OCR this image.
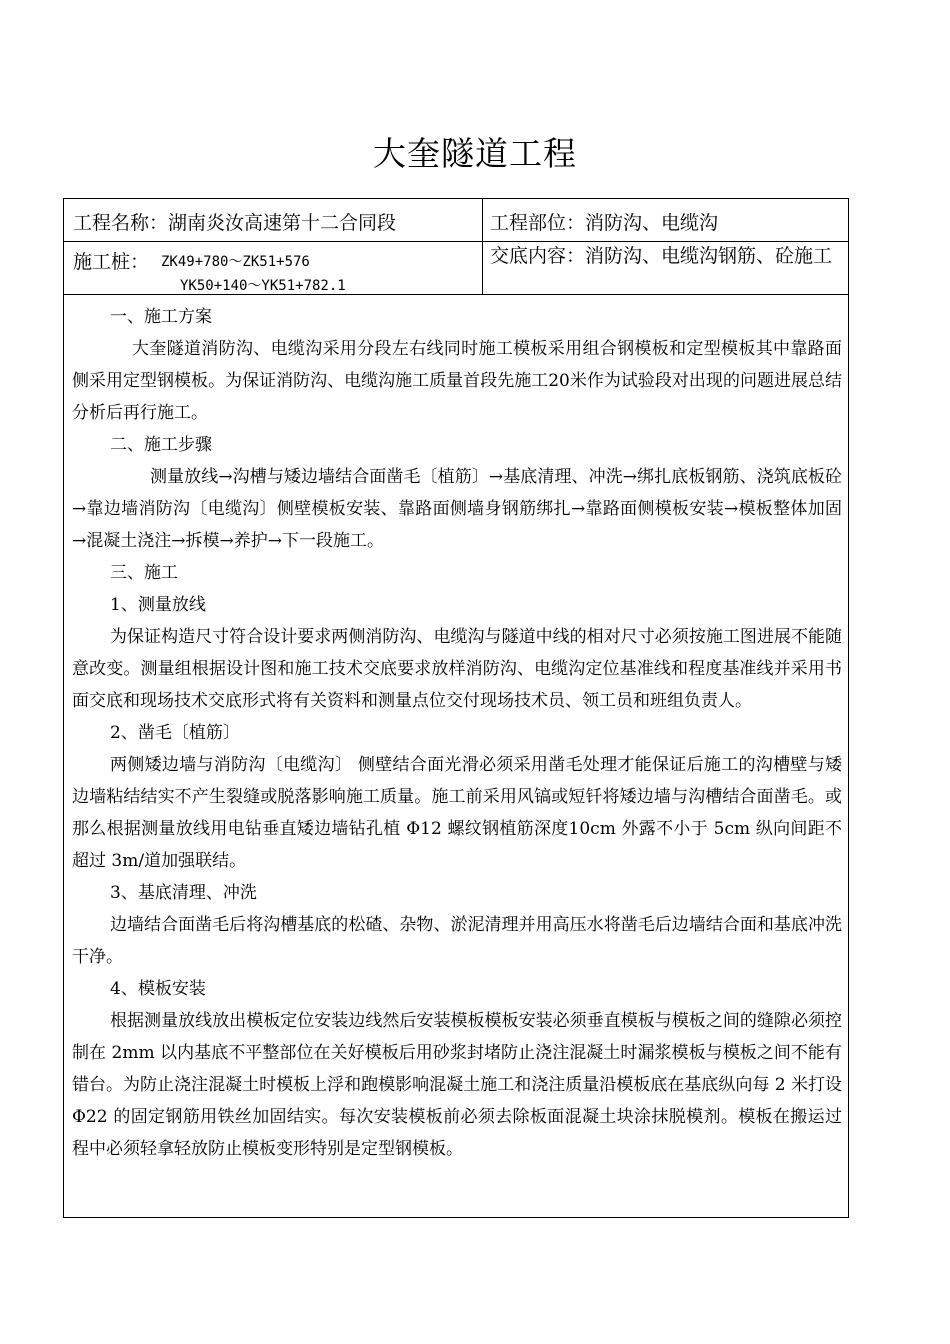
大奎隧道工程
工程名称：湖南炎汝高速第十二合同段	工程部位：消防沟、电缆沟
施工桩： ZK49+780～ZK51+576
YK50+140～YK51+782.1
交底内容：消防沟、电缆沟钢筋、砼施工

一、施工方案

大奎隧道消防沟、电缆沟采用分段左右线同时施工模板采用组合钢模板和定型模板其中靠路面侧采用定型钢模板。为保证消防沟、电缆沟施工质量首段先施工20米作为试验段对出现的问题进展总结分析后再行施工。

二、施工步骤

测量放线→沟槽与矮边墙结合面凿毛〔植筋〕→基底清理、冲洗→绑扎底板钢筋、浇筑底板砼→靠边墙消防沟〔电缆沟〕侧壁模板安装、靠路面侧墙身钢筋绑扎→靠路面侧模板安装→模板整体加固→混凝土浇注→拆模→养护→下一段施工。

三、施工

1、测量放线

为保证构造尺寸符合设计要求两侧消防沟、电缆沟与隧道中线的相对尺寸必须按施工图进展不能随意改变。测量组根据设计图和施工技术交底要求放样消防沟、电缆沟定位基准线和程度基准线并采用书面交底和现场技术交底形式将有关资料和测量点位交付现场技术员、领工员和班组负责人。

2、凿毛〔植筋〕

两侧矮边墙与消防沟〔电缆沟〕 侧壁结合面光滑必须采用凿毛处理才能保证后施工的沟槽壁与矮边墙粘结结实不产生裂缝或脱落影响施工质量。施工前采用风镐或短钎将矮边墙与沟槽结合面凿毛。或那么根据测量放线用电钻垂直矮边墙钻孔植 Φ12 螺纹钢植筋深度10cm 外露不小于 5cm 纵向间距不超过 3m/道加强联结。

3、基底清理、冲洗

边墙结合面凿毛后将沟槽基底的松碴、杂物、淤泥清理并用高压水将凿毛后边墙结合面和基底冲洗干净。

4、模板安装

根据测量放线放出模板定位安装边线然后安装模板模板安装必须垂直模板与模板之间的缝隙必须控制在 2mm 以内基底不平整部位在关好模板后用砂浆封堵防止浇注混凝土时漏浆模板与模板之间不能有错台。为防止浇注混凝土时模板上浮和跑模影响混凝土施工和浇注质量沿模板底在基底纵向每 2 米打设 Φ22 的固定钢筋用铁丝加固结实。每次安装模板前必须去除板面混凝土块涂抹脱模剂。模板在搬运过程中必须轻拿轻放防止模板变形特别是定型钢模板。
